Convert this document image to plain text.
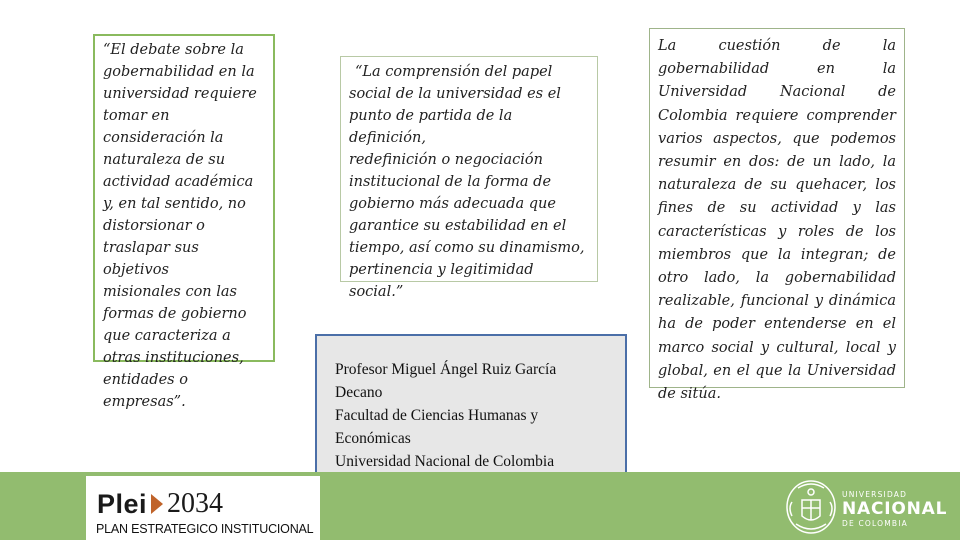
“El debate sobre la
gobernabilidad en la
universidad requiere
tomar en
consideración la
naturaleza de su
actividad académica
y, en tal sentido, no
distorsionar o
traslapar sus objetivos
misionales con las
formas de gobierno
que caracteriza a
otras instituciones,
entidades o empresas”.
“La comprensión del papel
social de la universidad es el
punto de partida de la definición,
redefinición o negociación
institucional de la forma de
gobierno más adecuada que
garantice su estabilidad en el
tiempo, así como su dinamismo,
pertinencia y legitimidad
social.”
La cuestión de la gobernabilidad en la Universidad Nacional de Colombia requiere comprender varios aspectos, que podemos resumir en dos: de un lado, la naturaleza de su quehacer, los fines de su actividad y las características y roles de los miembros que la integran; de otro lado, la gobernabilidad realizable, funcional y dinámica ha de poder entenderse en el marco social y cultural, local y global, en el que la Universidad de sitúa.
Profesor Miguel Ángel Ruiz García
Decano
Facultad de Ciencias Humanas y
Económicas
Universidad Nacional de Colombia
Plei 2034
PLAN ESTRATEGICO INSTITUCIONAL
UNIVERSIDAD
NACIONAL
DE COLOMBIA
